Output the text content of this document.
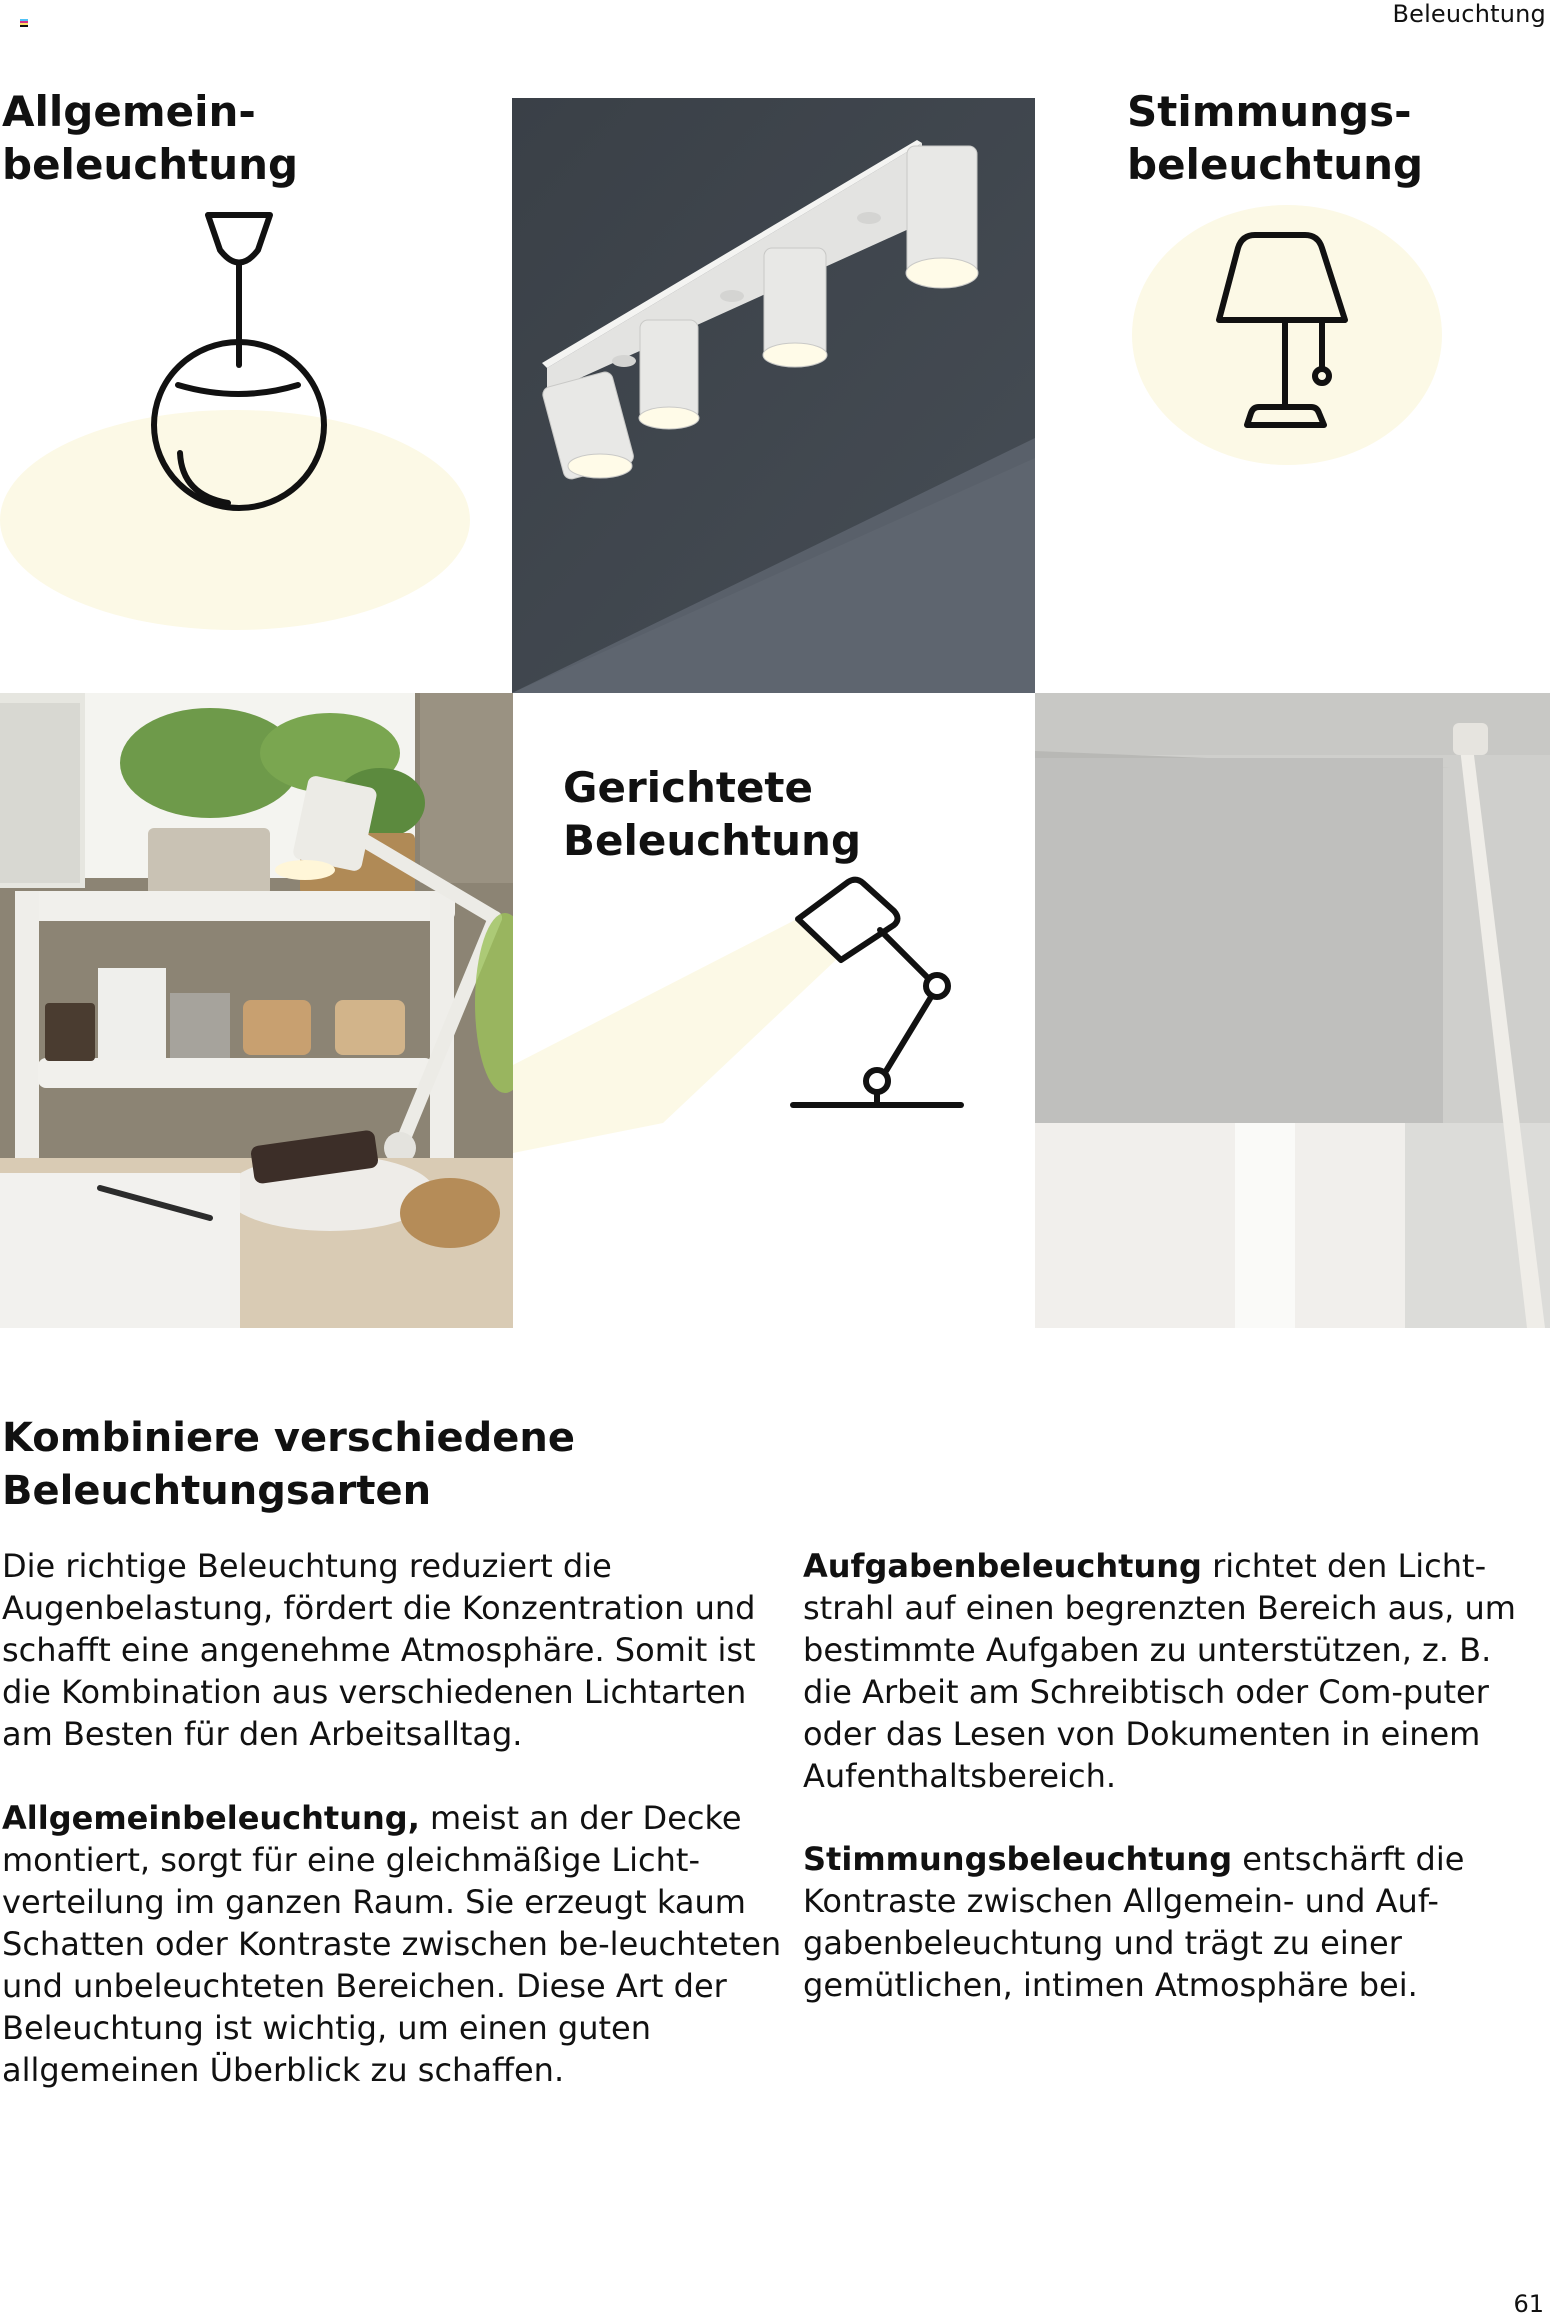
Beleuchtung
Allgemein-
beleuchtung
Stimmungs-
beleuchtung
Gerichtete
Beleuchtung
Kombiniere verschiedene
Beleuchtungsarten

Die richtige Beleuchtung reduziert die Augenbelastung, fördert die Konzentration und schafft eine angenehme Atmosphäre. Somit ist die Kombination aus verschiedenen Lichtarten am Besten für den Arbeitsalltag.

Allgemeinbeleuchtung, meist an der Decke montiert, sorgt für eine gleichmäßige Licht-verteilung im ganzen Raum. Sie erzeugt kaum Schatten oder Kontraste zwischen be-leuchteten und unbeleuchteten Bereichen. Diese Art der Beleuchtung ist wichtig, um einen guten allgemeinen Überblick zu schaffen.

Aufgabenbeleuchtung richtet den Licht-strahl auf einen begrenzten Bereich aus, um bestimmte Aufgaben zu unterstützen, z. B. die Arbeit am Schreibtisch oder Com-puter oder das Lesen von Dokumenten in einem Aufenthaltsbereich.

Stimmungsbeleuchtung entschärft die Kontraste zwischen Allgemein- und Auf-gabenbeleuchtung und trägt zu einer gemütlichen, intimen Atmosphäre bei.

61
